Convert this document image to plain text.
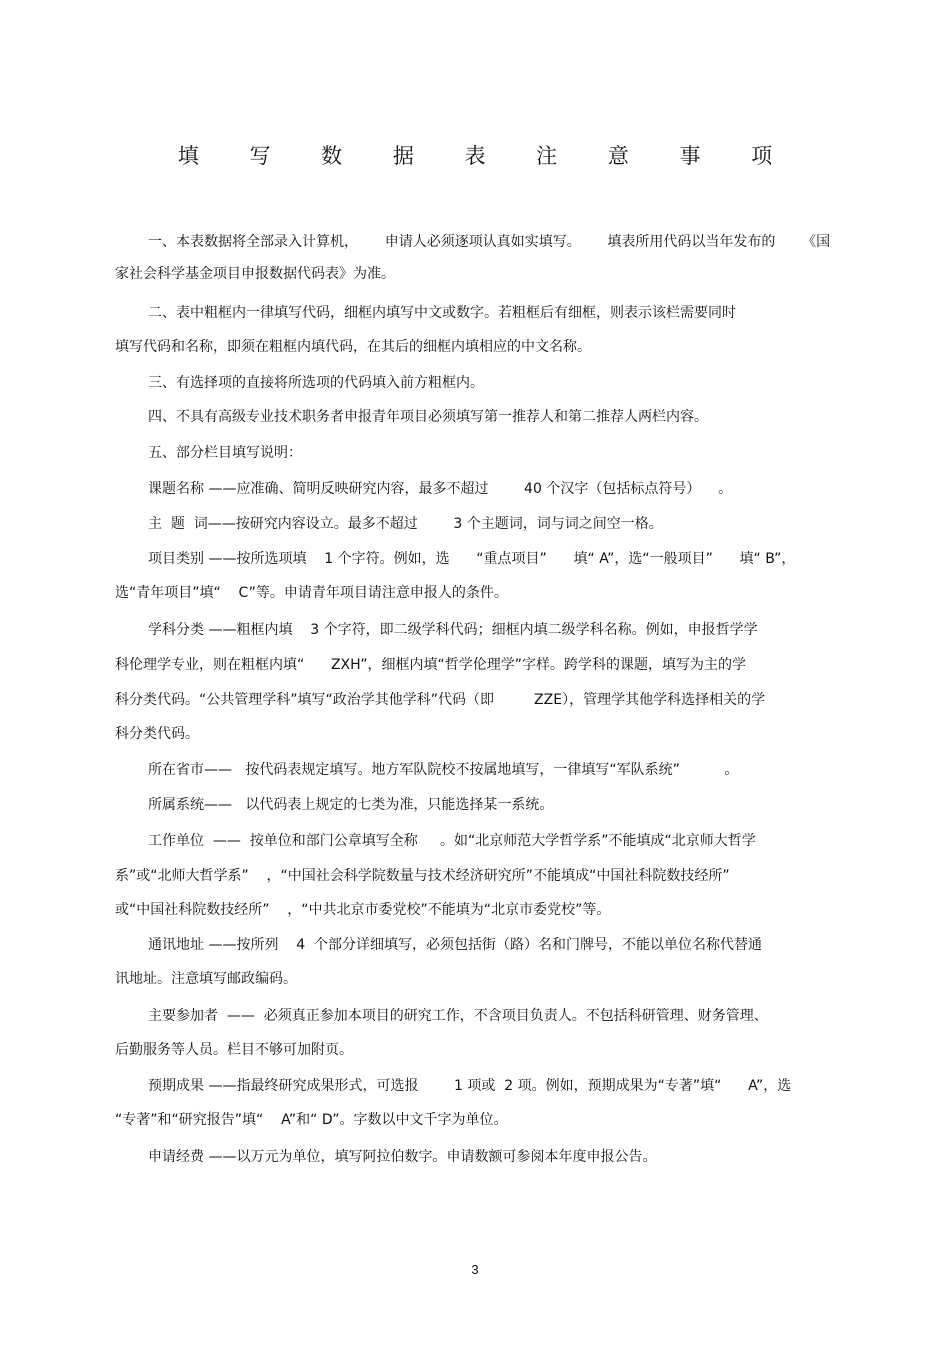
填 写 数 据 表 注 意 事 项
一、本表数据将全部录入计算机，      申请人必须逐项认真如实填写。      填表所用代码以当年发布的      《国
家社会科学基金项目申报数据代码表》为准。
二、表中粗框内一律填写代码，细框内填写中文或数字。若粗框后有细框，则表示该栏需要同时
填写代码和名称，即须在粗框内填代码，在其后的细框内填相应的中文名称。
三、有选择项的直接将所选项的代码填入前方粗框内。
四、不具有高级专业技术职务者申报青年项目必须填写第一推荐人和第二推荐人两栏内容。
五、部分栏目填写说明：
课题名称 ——应准确、简明反映研究内容，最多不超过        40 个汉字（包括标点符号）    。
主  题  词——按研究内容设立。最多不超过        3 个主题词，词与词之间空一格。
项目类别 ——按所选项填    1 个字符。例如，选      “重点项目”      填“ A”，选“一般项目”      填“ B”，
选“青年项目”填“    C”等。申请青年项目请注意申报人的条件。
学科分类 ——粗框内填    3 个字符，即二级学科代码；细框内填二级学科名称。例如，申报哲学学
科伦理学专业，则在粗框内填“      ZXH”，细框内填“哲学伦理学”字样。跨学科的课题，填写为主的学
科分类代码。“公共管理学科”填写“政治学其他学科”代码（即         ZZE），管理学其他学科选择相关的学
科分类代码。
所在省市——   按代码表规定填写。地方军队院校不按属地填写，一律填写“军队系统”          。
所属系统——   以代码表上规定的七类为准，只能选择某一系统。
工作单位  ——  按单位和部门公章填写全称     。如“北京师范大学哲学系”不能填成“北京师大哲学
系”或“北师大哲学系”    ，“中国社会科学院数量与技术经济研究所”不能填成“中国社科院数技经所”
或“中国社科院数技经所”    ，“中共北京市委党校”不能填为“北京市委党校”等。
通讯地址 ——按所列    4  个部分详细填写，必须包括街（路）名和门牌号，不能以单位名称代替通
讯地址。注意填写邮政编码。
主要参加者  ——  必须真正参加本项目的研究工作，不含项目负责人。不包括科研管理、财务管理、
后勤服务等人员。栏目不够可加附页。
预期成果 ——指最终研究成果形式，可选报        1 项或  2 项。例如，预期成果为“专著”填“      A”，选
“专著”和“研究报告”填“    A”和“ D”。字数以中文千字为单位。
申请经费 ——以万元为单位，填写阿拉伯数字。申请数额可参阅本年度申报公告。
3
